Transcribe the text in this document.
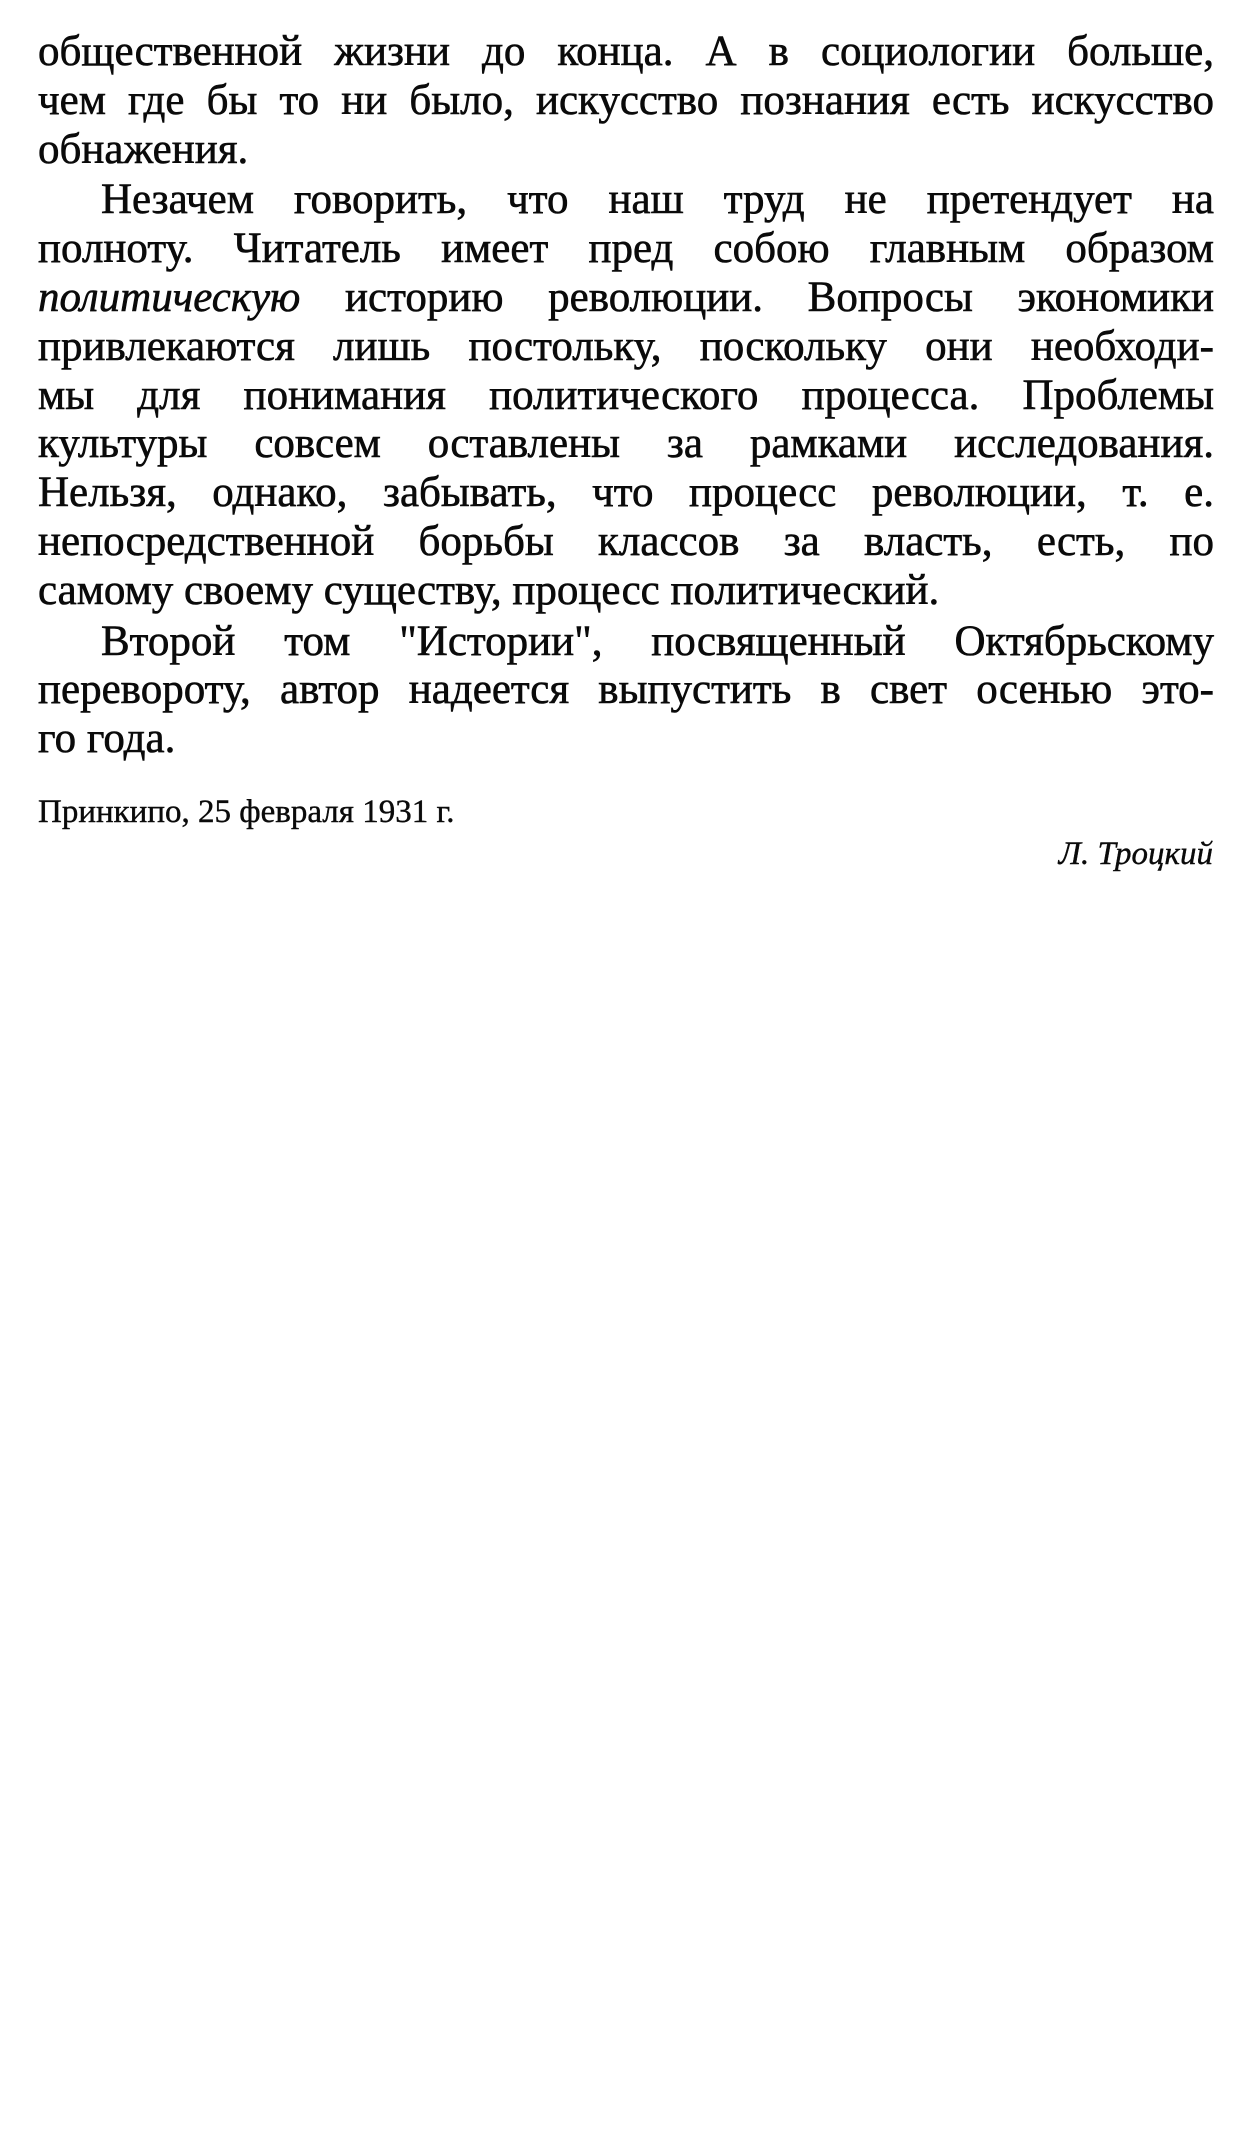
общественной жизни до конца. А в социологии больше,
чем где бы то ни было, искусство познания есть искусство
обнажения.

Незачем говорить, что наш труд не претендует на
полноту. Читатель имеет пред собою главным образом
политическую историю революции. Вопросы экономики
привлекаются лишь постольку, поскольку они необходи-
мы для понимания политического процесса. Проблемы
культуры совсем оставлены за рамками исследования.
Нельзя, однако, забывать, что процесс революции, т. е.
непосредственной борьбы классов за власть, есть, по
самому своему существу, процесс политический.

Второй том "Истории", посвященный Октябрьскому
перевороту, автор надеется выпустить в свет осенью это-
го года.

Принкипо, 25 февраля 1931 г.

Л. Троцкий
